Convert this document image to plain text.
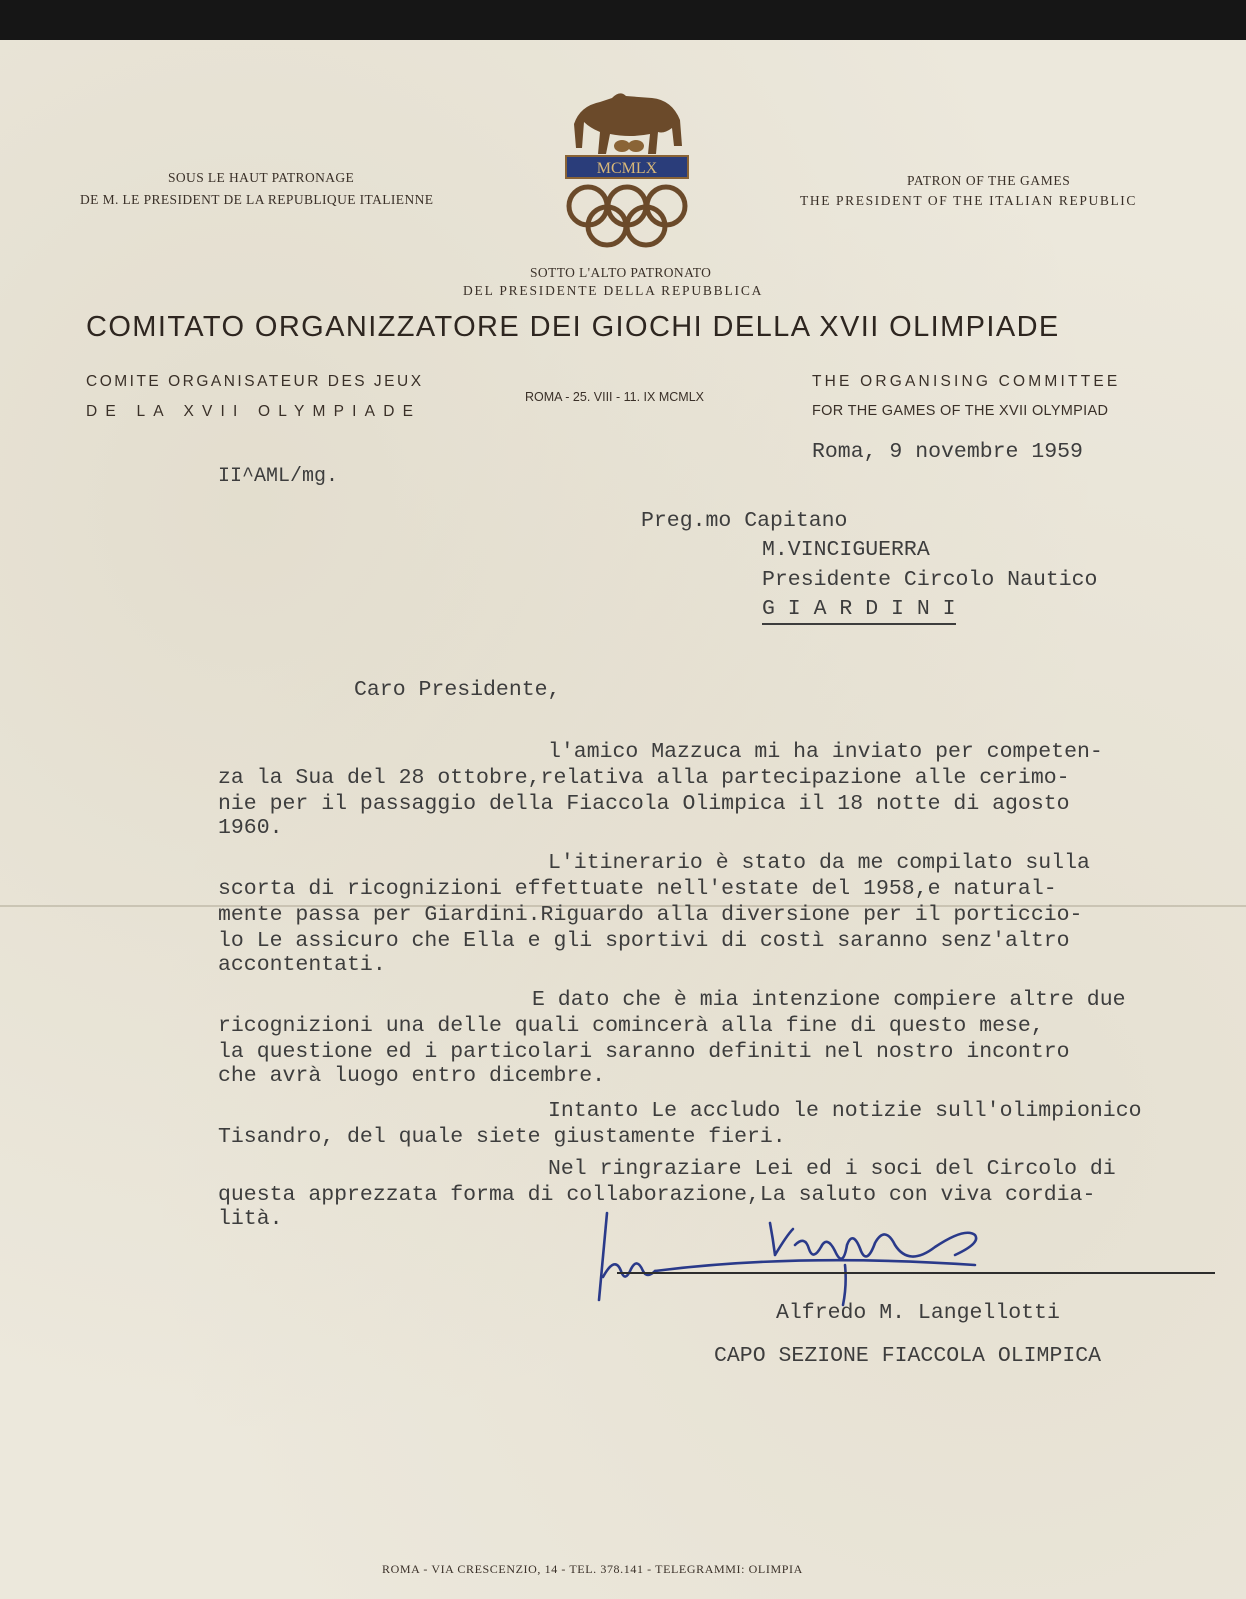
SOUS LE HAUT PATRONAGE
DE M. LE PRESIDENT DE LA REPUBLIQUE ITALIENNE
PATRON OF THE GAMES
THE PRESIDENT OF THE ITALIAN REPUBLIC
MCMLX
SOTTO L'ALTO PATRONATO
DEL PRESIDENTE DELLA REPUBBLICA
COMITATO ORGANIZZATORE DEI GIOCHI DELLA XVII OLIMPIADE
COMITE ORGANISATEUR DES JEUX
DE LA XVII OLYMPIADE
ROMA - 25. VIII - 11. IX MCMLX
THE ORGANISING COMMITTEE
FOR THE GAMES OF THE XVII OLYMPIAD
Roma, 9 novembre 1959
II^AML/mg.
Preg.mo Capitano
M.VINCIGUERRA
Presidente Circolo Nautico
G I A R D I N I
Caro Presidente,
l'amico Mazzuca mi ha inviato per competen-
za la Sua del 28 ottobre,relativa alla partecipazione alle cerimo-
nie per il passaggio della Fiaccola Olimpica il 18 notte di agosto
1960.
L'itinerario è stato da me compilato sulla
scorta di ricognizioni effettuate nell'estate del 1958,e natural-
mente passa per Giardini.Riguardo alla diversione per il porticcio-
lo Le assicuro che Ella e gli sportivi di costì saranno senz'altro
accontentati.
E dato che è mia intenzione compiere altre due
ricognizioni una delle quali comincerà alla fine di questo mese,
la questione ed i particolari saranno definiti nel nostro incontro
che avrà luogo entro dicembre.
Intanto Le accludo le notizie sull'olimpionico
Tisandro, del quale siete giustamente fieri.
Nel ringraziare Lei ed i soci del Circolo di
questa apprezzata forma di collaborazione,La saluto con viva cordia-
lità.
Alfredo M. Langellotti
CAPO SEZIONE FIACCOLA OLIMPICA
ROMA - VIA CRESCENZIO, 14 - TEL. 378.141 - TELEGRAMMI: OLIMPIA
